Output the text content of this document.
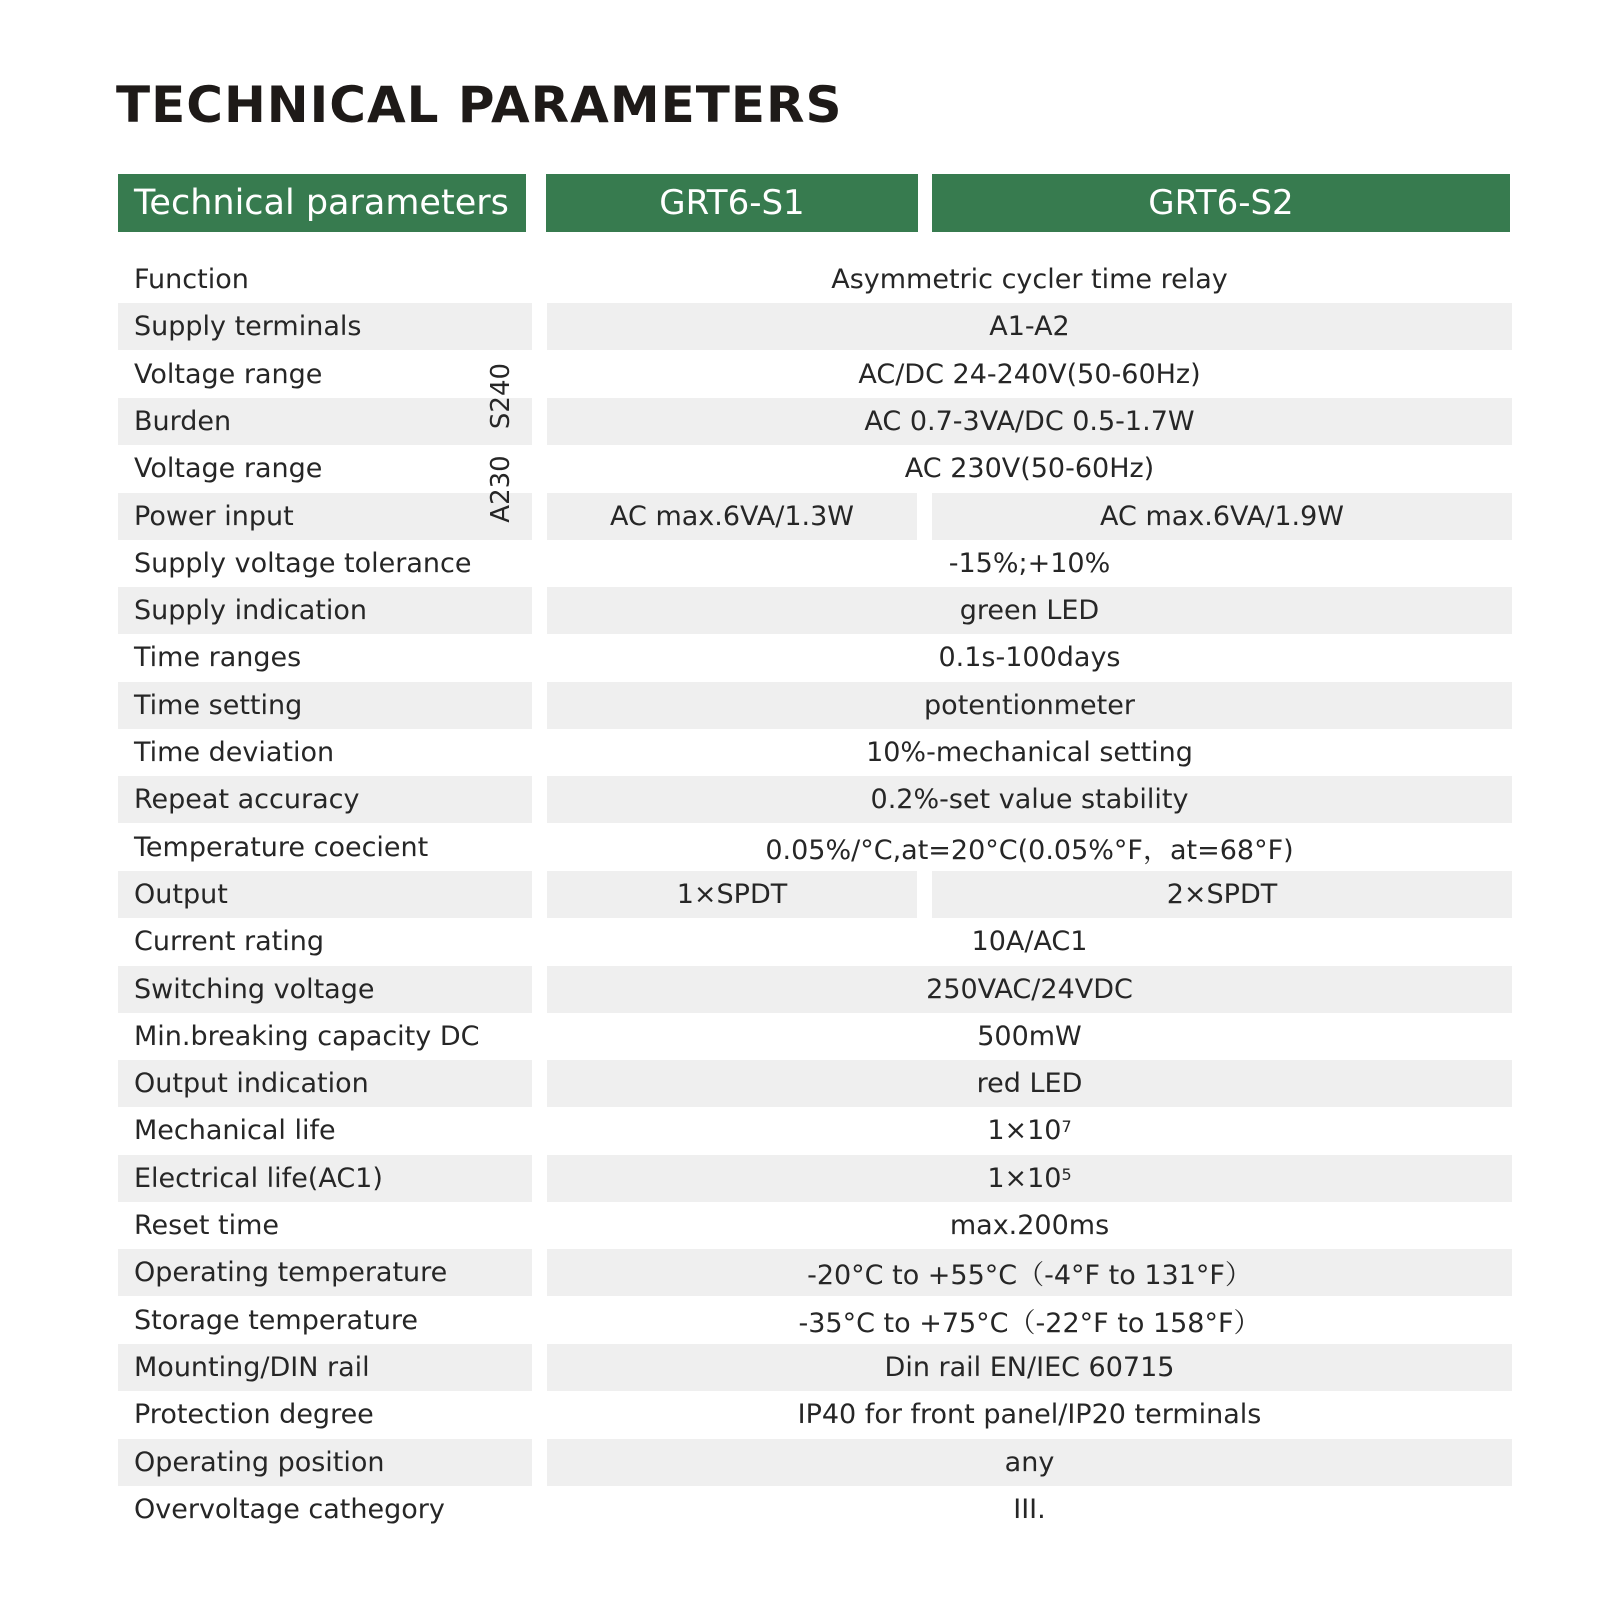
TECHNICAL PARAMETERS
Technical parameters	GRT6-S1	GRT6-S2
Function	Asymmetric cycler time relay
Supply terminals	A1-A2
Voltage range	AC/DC 24-240V(50-60Hz)
Burden	AC 0.7-3VA/DC 0.5-1.7W
Voltage range	AC 230V(50-60Hz)
Power input	AC max.6VA/1.3W	AC max.6VA/1.9W
Supply voltage tolerance	-15%;+10%
Supply indication	green LED
Time ranges	0.1s-100days
Time setting	potentionmeter
Time deviation	10%-mechanical setting
Repeat accuracy	0.2%-set value stability
Temperature coecient	0.05%/°C,at=20°C(0.05%°F，at=68°F)
Output	1×SPDT	2×SPDT
Current rating	10A/AC1
Switching voltage	250VAC/24VDC
Min.breaking capacity DC	500mW
Output indication	red LED
Mechanical life	$1\times 10^7$
Electrical life(AC1)	$1\times 10^5$
Reset time	max.200ms
Operating temperature	-20°C to +55°C（-4°F to 131°F）
Storage temperature	-35°C to +75°C（-22°F to 158°F）
Mounting/DIN rail	Din rail EN/IEC 60715
Protection degree	IP40 for front panel/IP20 terminals
Operating position	any
Overvoltage cathegory	III.
S240
A230
